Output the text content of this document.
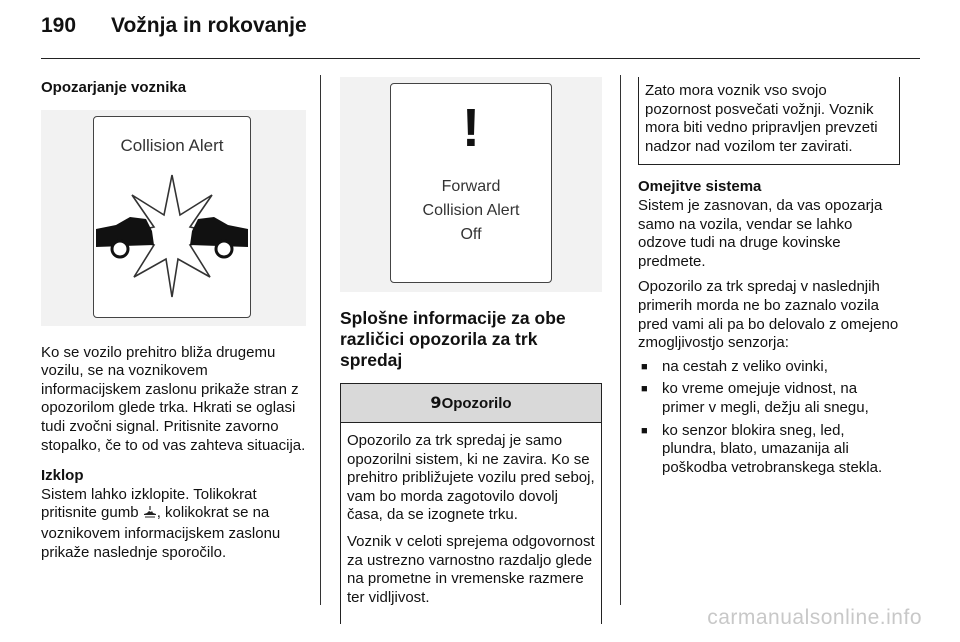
190 Vožnja in rokovanje

Opozarjanje voznika

Collision Alert

Ko se vozilo prehitro bliža drugemu vozilu, se na voznikovem informacijskem zaslonu prikaže stran z opozorilom glede trka. Hkrati se oglasi tudi zvočni signal. Pritisnite zavorno stopalko, če to od vas zahteva situacija.

Izklop

Sistem lahko izklopite. Tolikokrat pritisnite gumb , kolikokrat se na voznikovem informacijskem zaslonu prikaže naslednje sporočilo.

!
Forward
Collision Alert
Off

Splošne informacije za obe različici opozorila za trk spredaj

9Opozorilo

Opozorilo za trk spredaj je samo opozorilni sistem, ki ne zavira. Ko se prehitro približujete vozilu pred seboj, vam bo morda zagotovilo dovolj časa, da se izognete trku.

Voznik v celoti sprejema odgovornost za ustrezno varnostno razdaljo glede na prometne in vremenske razmere ter vidljivost.

Zato mora voznik vso svojo pozornost posvečati vožnji. Voznik mora biti vedno pripravljen prevzeti nadzor nad vozilom ter zavirati.

Omejitve sistema

Sistem je zasnovan, da vas opozarja samo na vozila, vendar se lahko odzove tudi na druge kovinske predmete.

Opozorilo za trk spredaj v naslednjih primerih morda ne bo zaznalo vozila pred vami ali pa bo delovalo z omejeno zmogljivostjo senzorja:

■ na cestah z veliko ovinki,
■ ko vreme omejuje vidnost, na primer v megli, dežju ali snegu,
■ ko senzor blokira sneg, led, plundra, blato, umazanija ali poškodba vetrobranskega stekla.
carmanualsonline.info
